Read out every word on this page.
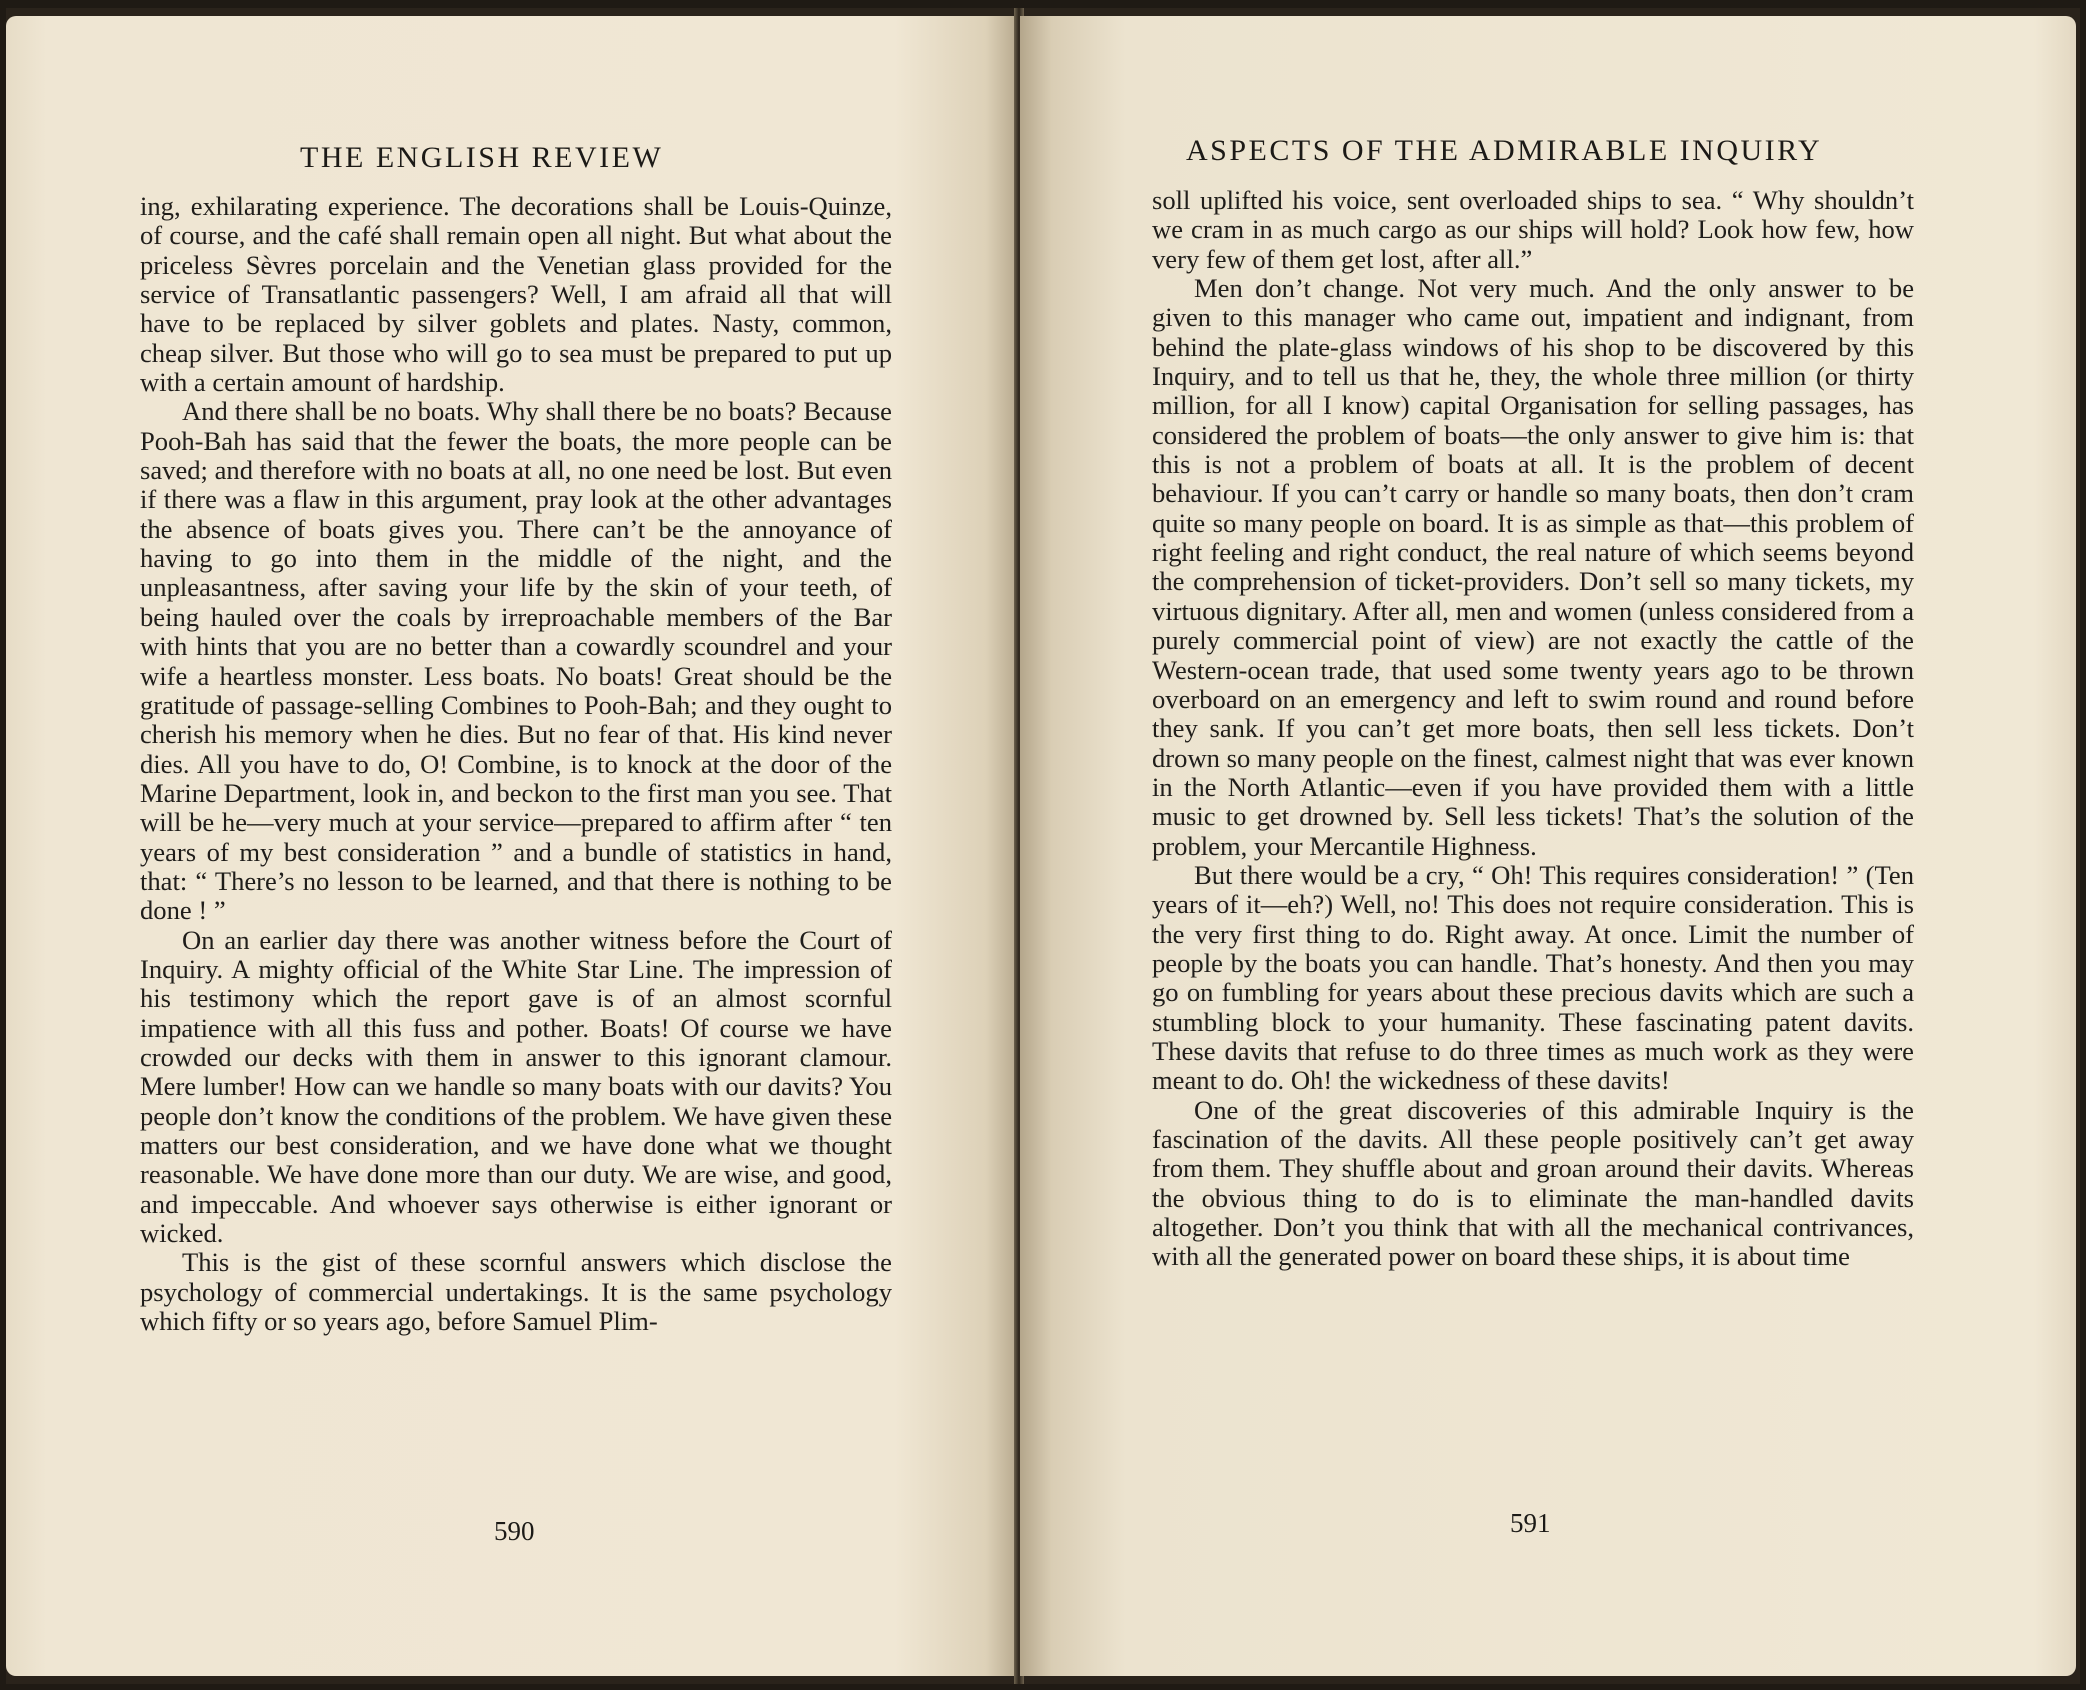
THE ENGLISH REVIEW

ing, exhilarating experience. The decorations shall be Louis-Quinze, of course, and the café shall remain open all night. But what about the priceless Sèvres porcelain and the Venetian glass provided for the service of Transatlantic passengers? Well, I am afraid all that will have to be replaced by silver goblets and plates. Nasty, common, cheap silver. But those who will go to sea must be prepared to put up with a certain amount of hardship.

And there shall be no boats. Why shall there be no boats? Because Pooh-Bah has said that the fewer the boats, the more people can be saved; and therefore with no boats at all, no one need be lost. But even if there was a flaw in this argument, pray look at the other advantages the absence of boats gives you. There can’t be the annoyance of having to go into them in the middle of the night, and the unpleasantness, after saving your life by the skin of your teeth, of being hauled over the coals by irreproachable members of the Bar with hints that you are no better than a cowardly scoundrel and your wife a heartless monster. Less boats. No boats! Great should be the gratitude of passage-selling Combines to Pooh-Bah; and they ought to cherish his memory when he dies. But no fear of that. His kind never dies. All you have to do, O! Combine, is to knock at the door of the Marine Department, look in, and beckon to the first man you see. That will be he—very much at your service—prepared to affirm after “ ten years of my best consideration ” and a bundle of statistics in hand, that: “ There’s no lesson to be learned, and that there is nothing to be done ! ”

On an earlier day there was another witness before the Court of Inquiry. A mighty official of the White Star Line. The impression of his testimony which the report gave is of an almost scornful impatience with all this fuss and pother. Boats! Of course we have crowded our decks with them in answer to this ignorant clamour. Mere lumber! How can we handle so many boats with our davits? You people don’t know the conditions of the problem. We have given these matters our best consideration, and we have done what we thought reasonable. We have done more than our duty. We are wise, and good, and impeccable. And whoever says otherwise is either ignorant or wicked.

This is the gist of these scornful answers which disclose the psychology of commercial undertakings. It is the same psychology which fifty or so years ago, before Samuel Plim-

590
ASPECTS OF THE ADMIRABLE INQUIRY

soll uplifted his voice, sent overloaded ships to sea. “ Why shouldn’t we cram in as much cargo as our ships will hold? Look how few, how very few of them get lost, after all.”

Men don’t change. Not very much. And the only answer to be given to this manager who came out, impatient and indignant, from behind the plate-glass windows of his shop to be discovered by this Inquiry, and to tell us that he, they, the whole three million (or thirty million, for all I know) capital Organisation for selling passages, has considered the problem of boats—the only answer to give him is: that this is not a problem of boats at all. It is the problem of decent behaviour. If you can’t carry or handle so many boats, then don’t cram quite so many people on board. It is as simple as that—this problem of right feeling and right conduct, the real nature of which seems beyond the comprehension of ticket-providers. Don’t sell so many tickets, my virtuous dignitary. After all, men and women (unless considered from a purely commercial point of view) are not exactly the cattle of the Western-ocean trade, that used some twenty years ago to be thrown overboard on an emergency and left to swim round and round before they sank. If you can’t get more boats, then sell less tickets. Don’t drown so many people on the finest, calmest night that was ever known in the North Atlantic—even if you have provided them with a little music to get drowned by. Sell less tickets! That’s the solution of the problem, your Mercantile Highness.

But there would be a cry, “ Oh! This requires consideration! ” (Ten years of it—eh?) Well, no! This does not require consideration. This is the very first thing to do. Right away. At once. Limit the number of people by the boats you can handle. That’s honesty. And then you may go on fumbling for years about these precious davits which are such a stumbling block to your humanity. These fascinating patent davits. These davits that refuse to do three times as much work as they were meant to do. Oh! the wickedness of these davits!

One of the great discoveries of this admirable Inquiry is the fascination of the davits. All these people positively can’t get away from them. They shuffle about and groan around their davits. Whereas the obvious thing to do is to eliminate the man-handled davits altogether. Don’t you think that with all the mechanical contrivances, with all the generated power on board these ships, it is about time

591
